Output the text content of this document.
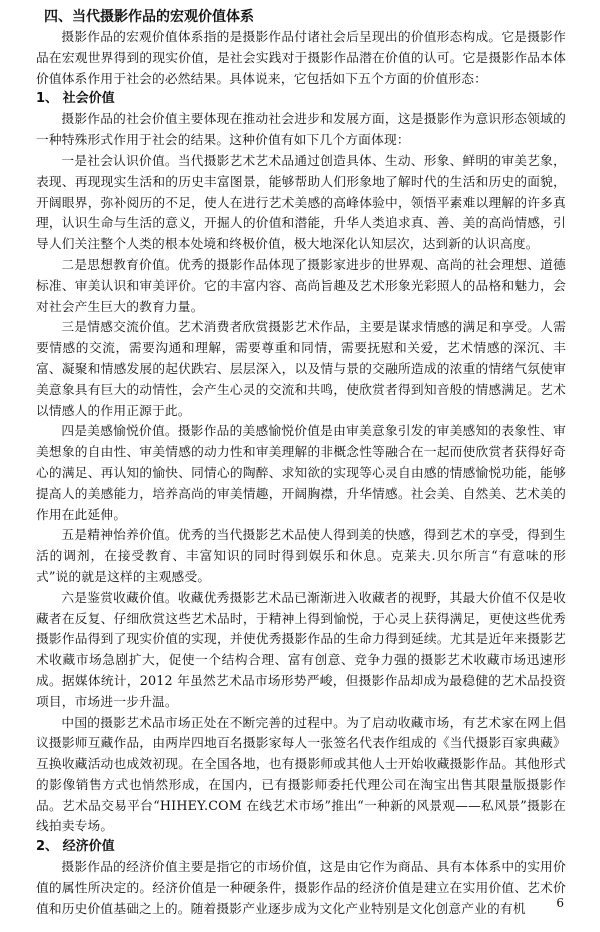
四、当代摄影作品的宏观价值体系

摄影作品的宏观价值体系指的是摄影作品付诸社会后呈现出的价值形态构成。它是摄影作品在宏观世界得到的现实价值，是社会实践对于摄影作品潜在价值的认可。它是摄影作品本体价值体系作用于社会的必然结果。具体说来，它包括如下五个方面的价值形态：

1、 社会价值

摄影作品的社会价值主要体现在推动社会进步和发展方面，这是摄影作为意识形态领域的一种特殊形式作用于社会的结果。这种价值有如下几个方面体现：

一是社会认识价值。当代摄影艺术艺术品通过创造具体、生动、形象、鲜明的审美艺象，表现、再现现实生活和的历史丰富图景，能够帮助人们形象地了解时代的生活和历史的面貌，开阔眼界，弥补阅历的不足，使人在进行艺术美感的高峰体验中，领悟平素难以理解的许多真理，认识生命与生活的意义，开掘人的价值和潜能，升华人类追求真、善、美的高尚情感，引导人们关注整个人类的根本处境和终极价值，极大地深化认知层次，达到新的认识高度。

二是思想教育价值。优秀的摄影作品体现了摄影家进步的世界观、高尚的社会理想、道德标准、审美认识和审美评价。它的丰富内容、高尚旨趣及艺术形象光彩照人的品格和魅力，会对社会产生巨大的教育力量。

三是情感交流价值。艺术消费者欣赏摄影艺术作品，主要是谋求情感的满足和享受。人需要情感的交流，需要沟通和理解，需要尊重和同情，需要抚慰和关爱，艺术情感的深沉、丰富、凝聚和情感发展的起伏跌宕、层层深入，以及情与景的交融所造成的浓重的情绪气氛使审美意象具有巨大的动情性，会产生心灵的交流和共鸣，使欣赏者得到知音般的情感满足。艺术以情感人的作用正源于此。

四是美感愉悦价值。摄影作品的美感愉悦价值是由审美意象引发的审美感知的表象性、审美想象的自由性、审美情感的动力性和审美理解的非概念性等融合在一起而使欣赏者获得好奇心的满足、再认知的愉快、同情心的陶醉、求知欲的实现等心灵自由感的情感愉悦功能，能够提高人的美感能力，培养高尚的审美情趣，开阔胸襟，升华情感。社会美、自然美、艺术美的作用在此延伸。

五是精神怡养价值。优秀的当代摄影艺术品使人得到美的快感，得到艺术的享受，得到生活的调剂，在接受教育、丰富知识的同时得到娱乐和休息。克莱夫.贝尔所言“有意味的形式”说的就是这样的主观感受。

六是鉴赏收藏价值。收藏优秀摄影艺术品已渐渐进入收藏者的视野，其最大价值不仅是收藏者在反复、仔细欣赏这些艺术品时，于精神上得到愉悦，于心灵上获得满足，更使这些优秀摄影作品得到了现实价值的实现，并使优秀摄影作品的生命力得到延续。尤其是近年来摄影艺术收藏市场急剧扩大，促使一个结构合理、富有创意、竞争力强的摄影艺术收藏市场迅速形成。据媒体统计，2012 年虽然艺术品市场形势严峻，但摄影作品却成为最稳健的艺术品投资项目，市场进一步升温。

中国的摄影艺术品市场正处在不断完善的过程中。为了启动收藏市场，有艺术家在网上倡议摄影师互藏作品，由两岸四地百名摄影家每人一张签名代表作组成的《当代摄影百家典藏》互换收藏活动也成效初现。在全国各地，也有摄影师或其他人士开始收藏摄影作品。其他形式的影像销售方式也悄然形成，在国内，已有摄影师委托代理公司在淘宝出售其限量版摄影作品。艺术品交易平台“HIHEY.COM 在线艺术市场”推出“一种新的风景观——私风景”摄影在线拍卖专场。

2、 经济价值

摄影作品的经济价值主要是指它的市场价值，这是由它作为商品、具有本体系中的实用价值的属性所决定的。经济价值是一种硬条件，摄影作品的经济价值是建立在实用价值、艺术价值和历史价值基础之上的。随着摄影产业逐步成为文化产业特别是文化创意产业的有机	6
